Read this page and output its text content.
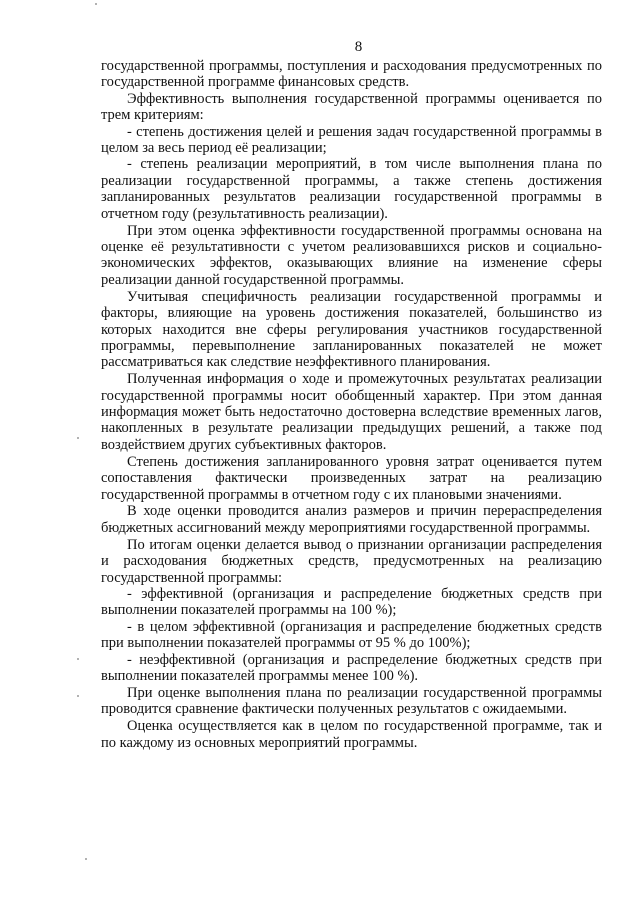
8

государственной программы, поступления и расходования предусмотренных по государственной программе финансовых средств.

Эффективность выполнения государственной программы оценивается по трем критериям:

- степень достижения целей и решения задач государственной программы в целом за весь период её реализации;

- степень реализации мероприятий, в том числе выполнения плана по реализации государственной программы, а также степень достижения запланированных результатов реализации государственной программы в отчетном году (результативность реализации).

При этом оценка эффективности государственной программы основана на оценке её результативности с учетом реализовавшихся рисков и социально-экономических эффектов, оказывающих влияние на изменение сферы реализации данной государственной программы.

Учитывая специфичность реализации государственной программы и факторы, влияющие на уровень достижения показателей, большинство из которых находится вне сферы регулирования участников государственной программы, перевыполнение запланированных показателей не может рассматриваться как следствие неэффективного планирования.

Полученная информация о ходе и промежуточных результатах реализации государственной программы носит обобщенный характер. При этом данная информация может быть недостаточно достоверна вследствие временных лагов, накопленных в результате реализации предыдущих решений, а также под воздействием других субъективных факторов.

Степень достижения запланированного уровня затрат оценивается путем сопоставления фактически произведенных затрат на реализацию государственной программы в отчетном году с их плановыми значениями.

В ходе оценки проводится анализ размеров и причин перераспределения бюджетных ассигнований между мероприятиями государственной программы.

По итогам оценки делается вывод о признании организации распределения и расходования бюджетных средств, предусмотренных на реализацию государственной программы:

- эффективной (организация и распределение бюджетных средств при выполнении показателей программы на 100 %);

- в целом эффективной (организация и распределение бюджетных средств при выполнении показателей программы от 95 % до 100%);

- неэффективной (организация и распределение бюджетных средств при выполнении показателей программы менее 100 %).

При оценке выполнения плана по реализации государственной программы проводится сравнение фактически полученных результатов с ожидаемыми.

Оценка осуществляется как в целом по государственной программе, так и по каждому из основных мероприятий программы.
